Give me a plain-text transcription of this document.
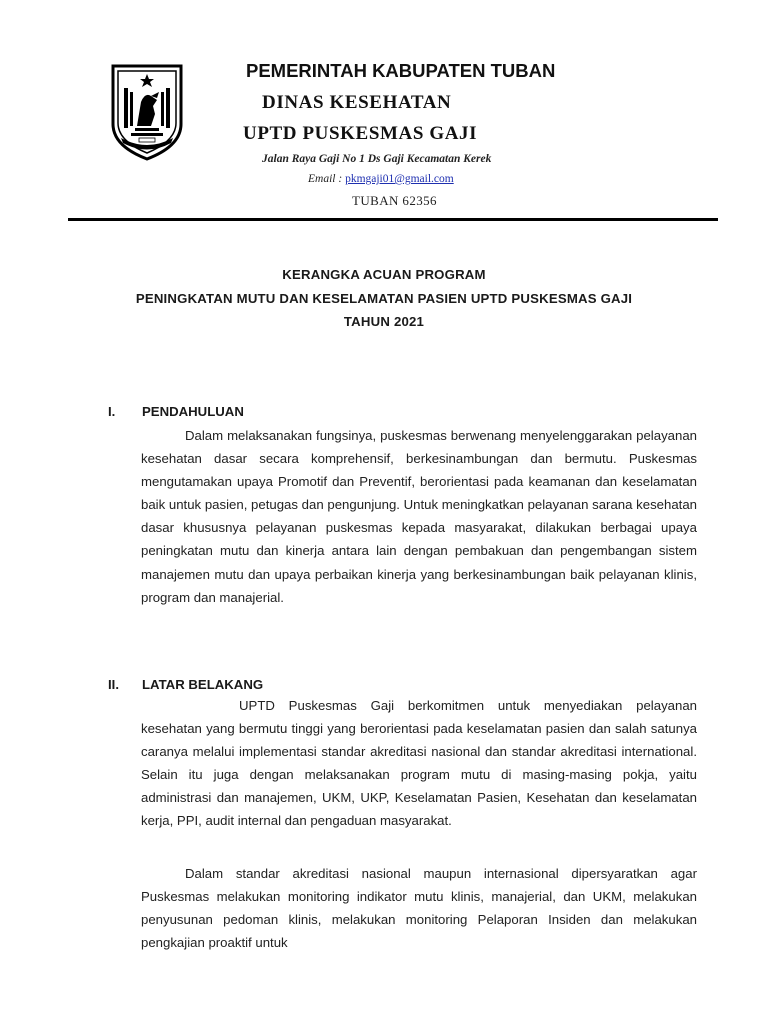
PEMERINTAH KABUPATEN TUBAN
DINAS KESEHATAN
UPTD PUSKESMAS GAJI
Jalan Raya Gaji No 1 Ds Gaji Kecamatan Kerek
Email : pkmgaji01@gmail.com
TUBAN 62356
KERANGKA ACUAN PROGRAM
PENINGKATAN MUTU DAN KESELAMATAN PASIEN UPTD PUSKESMAS GAJI
TAHUN 2021
I. PENDAHULUAN

Dalam melaksanakan fungsinya, puskesmas berwenang menyelenggarakan pelayanan kesehatan dasar secara komprehensif, berkesinambungan dan bermutu. Puskesmas mengutamakan upaya Promotif dan Preventif, berorientasi pada keamanan dan keselamatan baik untuk pasien, petugas dan pengunjung. Untuk meningkatkan pelayanan sarana kesehatan dasar khususnya pelayanan puskesmas kepada masyarakat, dilakukan berbagai upaya peningkatan mutu dan kinerja antara lain dengan pembakuan dan pengembangan sistem manajemen mutu dan upaya perbaikan kinerja yang berkesinambungan baik pelayanan klinis, program dan manajerial.

II. LATAR BELAKANG

UPTD Puskesmas Gaji berkomitmen untuk menyediakan pelayanan kesehatan yang bermutu tinggi yang berorientasi pada keselamatan pasien dan salah satunya caranya melalui implementasi standar akreditasi nasional dan standar akreditasi international. Selain itu juga dengan melaksanakan program mutu di masing-masing pokja, yaitu administrasi dan manajemen, UKM, UKP, Keselamatan Pasien, Kesehatan dan keselamatan kerja, PPI, audit internal dan pengaduan masyarakat.

Dalam standar akreditasi nasional maupun internasional dipersyaratkan agar Puskesmas melakukan monitoring indikator mutu klinis, manajerial, dan UKM, melakukan penyusunan pedoman klinis, melakukan monitoring Pelaporan Insiden dan melakukan pengkajian proaktif untuk
